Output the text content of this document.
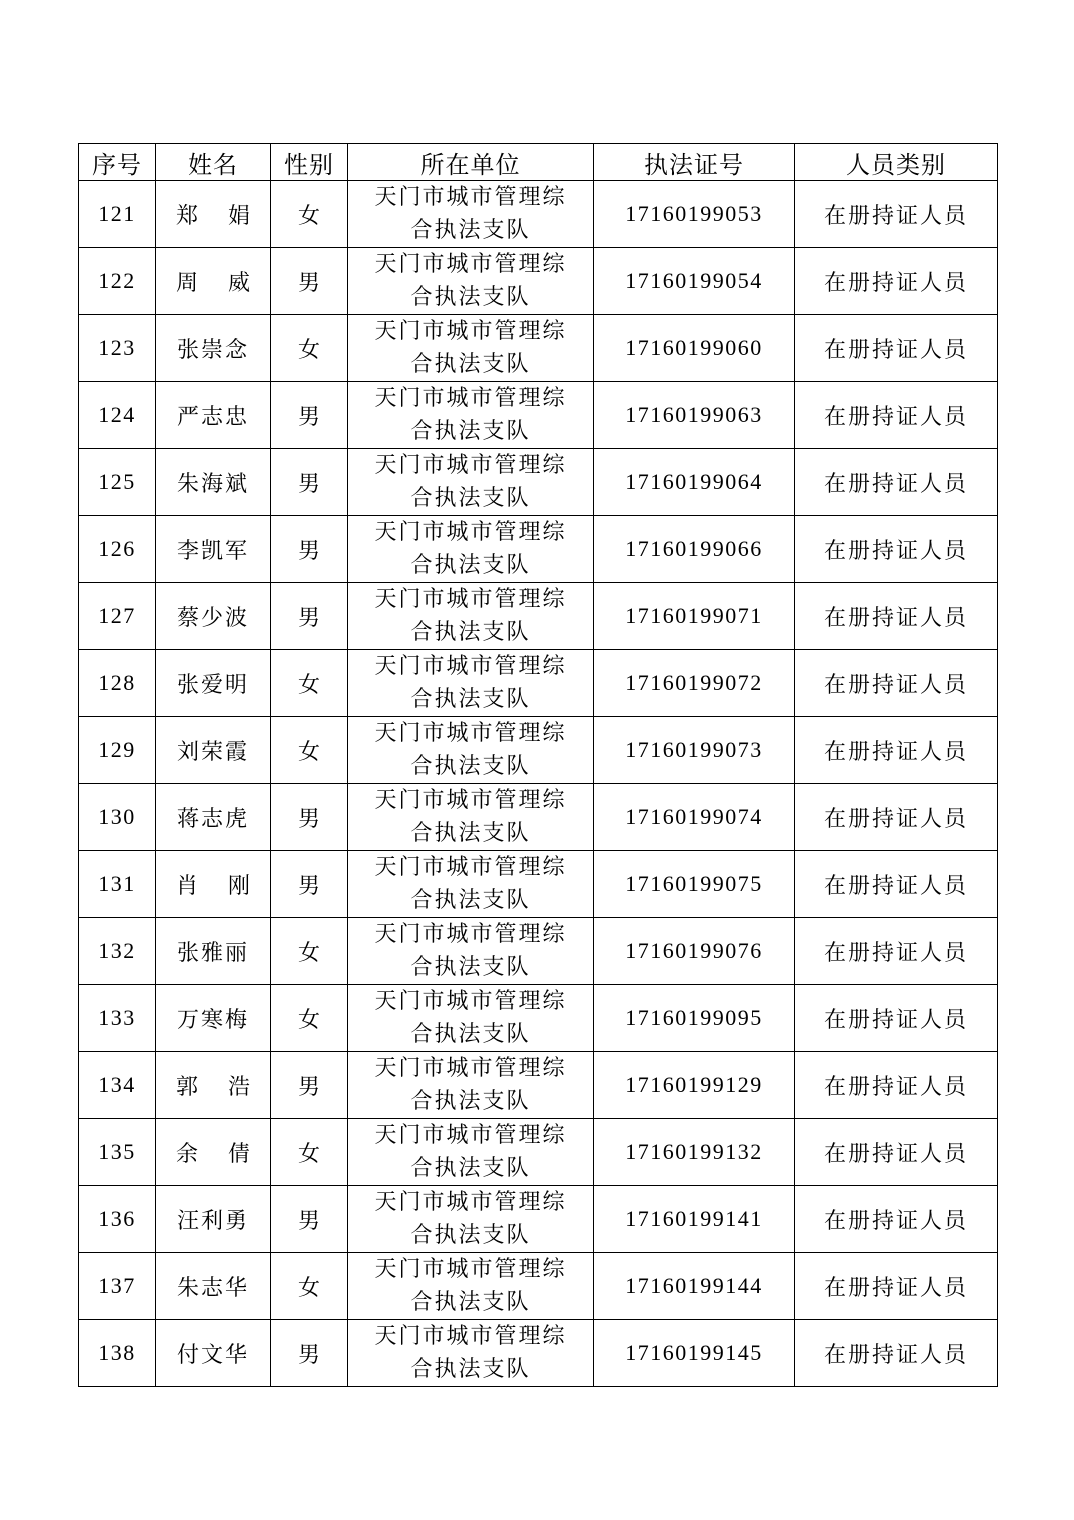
序号	姓名	性别	所在单位	执法证号	人员类别
121	郑　娟	女	天门市城市管理综
合执法支队	17160199053	在册持证人员
122	周　威	男	天门市城市管理综
合执法支队	17160199054	在册持证人员
123	张崇念	女	天门市城市管理综
合执法支队	17160199060	在册持证人员
124	严志忠	男	天门市城市管理综
合执法支队	17160199063	在册持证人员
125	朱海斌	男	天门市城市管理综
合执法支队	17160199064	在册持证人员
126	李凯军	男	天门市城市管理综
合执法支队	17160199066	在册持证人员
127	蔡少波	男	天门市城市管理综
合执法支队	17160199071	在册持证人员
128	张爱明	女	天门市城市管理综
合执法支队	17160199072	在册持证人员
129	刘荣霞	女	天门市城市管理综
合执法支队	17160199073	在册持证人员
130	蒋志虎	男	天门市城市管理综
合执法支队	17160199074	在册持证人员
131	肖　刚	男	天门市城市管理综
合执法支队	17160199075	在册持证人员
132	张雅丽	女	天门市城市管理综
合执法支队	17160199076	在册持证人员
133	万寒梅	女	天门市城市管理综
合执法支队	17160199095	在册持证人员
134	郭　浩	男	天门市城市管理综
合执法支队	17160199129	在册持证人员
135	余　倩	女	天门市城市管理综
合执法支队	17160199132	在册持证人员
136	汪利勇	男	天门市城市管理综
合执法支队	17160199141	在册持证人员
137	朱志华	女	天门市城市管理综
合执法支队	17160199144	在册持证人员
138	付文华	男	天门市城市管理综
合执法支队	17160199145	在册持证人员
